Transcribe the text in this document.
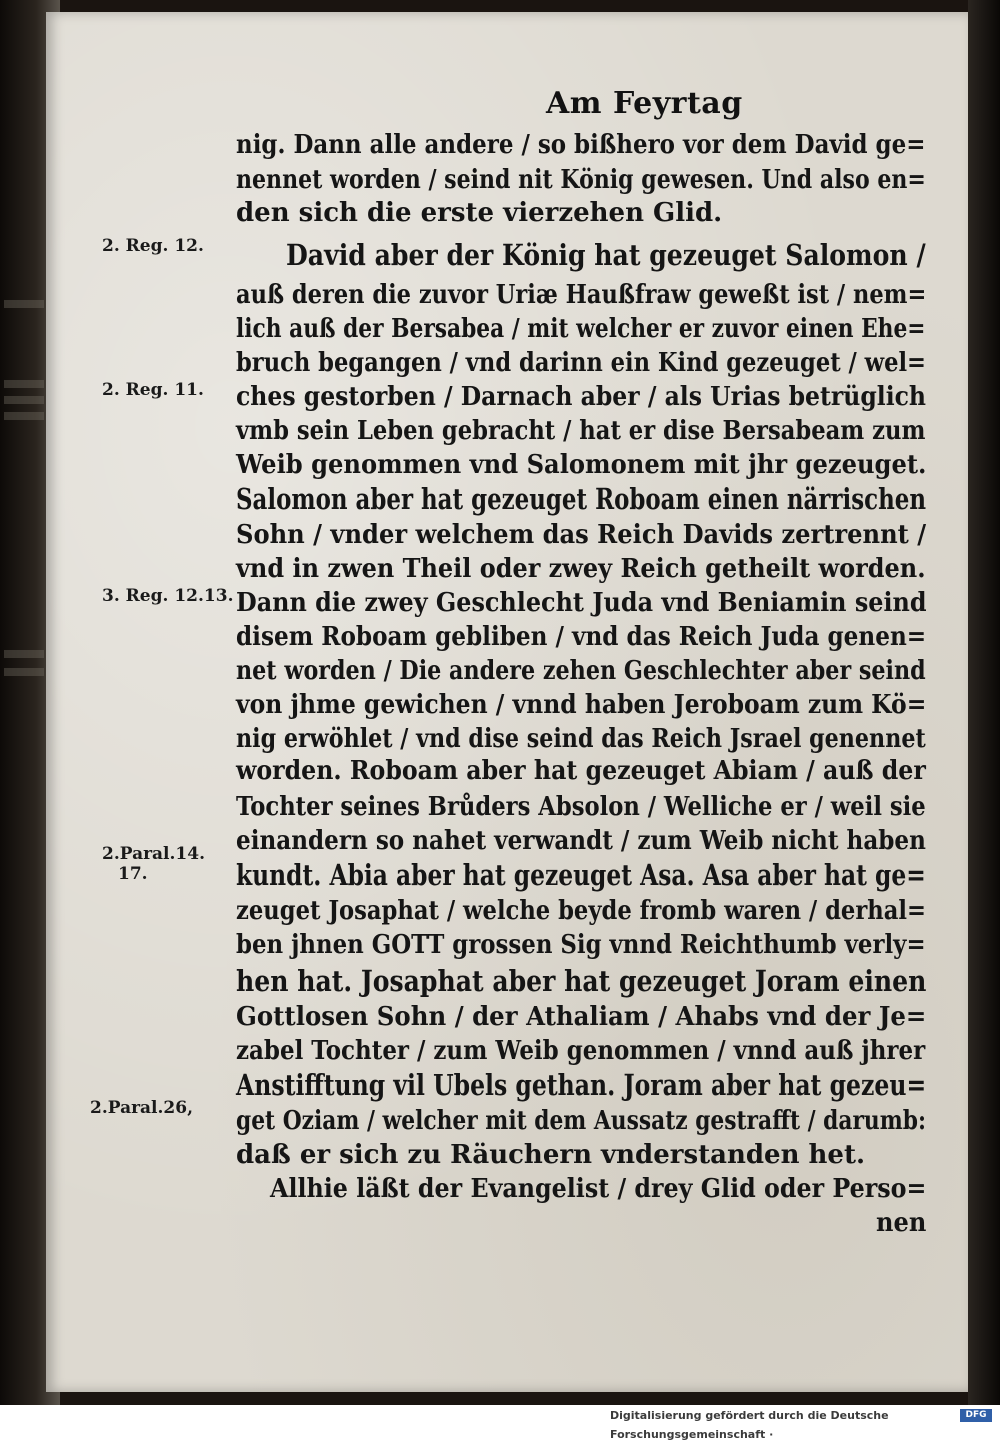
Am Feyrtag

nig. Dann alle andere / so bißhero vor dem David ge=

nennet worden / seind nit König gewesen. Und also en=

den sich die erste vierzehen Glid.

David aber der König hat gezeuget Salomon /

auß deren die zuvor Uriæ Haußfraw geweßt ist / nem=

lich auß der Bersabea / mit welcher er zuvor einen Ehe=

bruch begangen / vnd darinn ein Kind gezeuget / wel=

ches gestorben / Darnach aber / als Urias betrüglich

vmb sein Leben gebracht / hat er dise Bersabeam zum

Weib genommen vnd Salomonem mit jhr gezeuget.

Salomon aber hat gezeuget Roboam einen närrischen

Sohn / vnder welchem das Reich Davids zertrennt /

vnd in zwen Theil oder zwey Reich getheilt worden.

Dann die zwey Geschlecht Juda vnd Beniamin seind

disem Roboam gebliben / vnd das Reich Juda genen=

net worden / Die andere zehen Geschlechter aber seind

von jhme gewichen / vnnd haben Jeroboam zum Kö=

nig erwöhlet / vnd dise seind das Reich Jsrael genennet

worden. Roboam aber hat gezeuget Abiam / auß der

Tochter seines Brůders Absolon / Welliche er / weil sie

einandern so nahet verwandt / zum Weib nicht haben

kundt. Abia aber hat gezeuget Asa. Asa aber hat ge=

zeuget Josaphat / welche beyde fromb waren / derhal=

ben jhnen GOTT grossen Sig vnnd Reichthumb verly=

hen hat. Josaphat aber hat gezeuget Joram einen

Gottlosen Sohn / der Athaliam / Ahabs vnd der Je=

zabel Tochter / zum Weib genommen / vnnd auß jhrer

Anstifftung vil Ubels gethan. Joram aber hat gezeu=

get Oziam / welcher mit dem Aussatz gestrafft / darumb:

daß er sich zu Räuchern vnderstanden het.

Allhie läßt der Evangelist / drey Glid oder Perso=

nen

2. Reg. 12.

2. Reg. 11.

3. Reg. 12.13.

2.Paral.14.

17.

2.Paral.26,

Digitalisierung gefördert durch die Deutsche Forschungsgemeinschaft ·
DFG
